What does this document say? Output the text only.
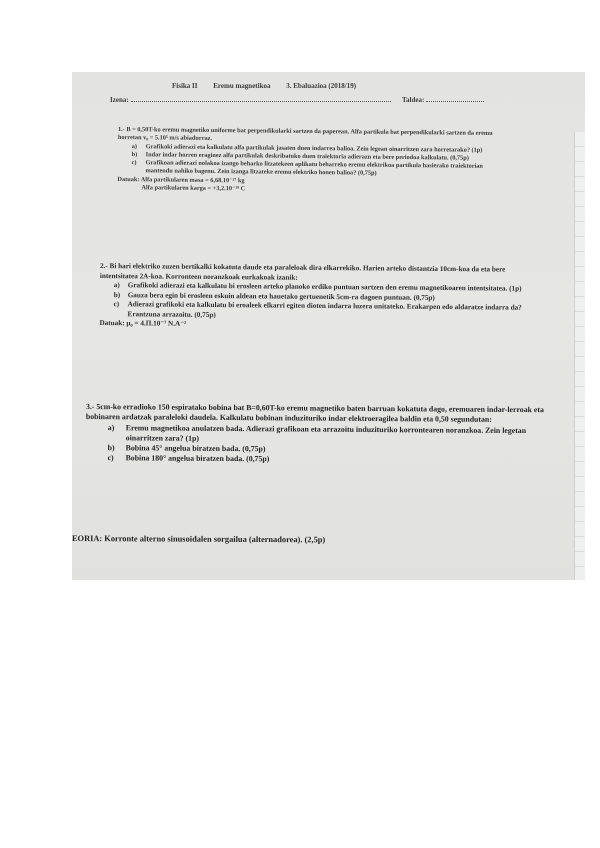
Fisika II Eremu magnetikoa 3. Ebaluazioa (2018/19)
Izena:	Taldea:
1.- B = 0,50T-ko eremu magnetiko uniforme bat perpendikularki sartzen da paperean. Alfa partikula bat perpendikularki sartzen da eremu horretan v₀ = 5.10⁵ m/s abiadurraz.
a)	Grafikoki adierazi eta kalkulatu alfa partikulak jasaten duen indarrea balioa. Zein legean oinarritzen zara horretarako? (1p)
b)	Indar indar horren eraginez alfa partikulak deskribatuko duen traiektoria adierazn eta bere periodoa kalkulatu. (0,75p)
c)	Grafikoan adierazi nolakoa izango beharko litzatekeen aplikatu beharreko eremu elektrikoa partikula hasierako traiektorian mantendu nahiko bagenu. Zein izanga litzateke eremu elektriko honen balioa? (0,75p)
Datuak: Alfa partikularen masa = 6,68.10⁻²⁷ kg
Alfa partikularen karga = +3,2.10⁻¹⁹ C
2.- Bi hari elektriko zuzen bertikalki kokatuta daude eta paraleloak dira elkarrekiko. Harien arteko distantzia 10cm-koa da eta bere intentsitatea 2A-koa. Korronteen noranzkoak eurkakoak izanik:
a)	Grafikoki adierazi eta kalkulatu bi erosleen arteko planoko erdiko puntuan sartzen den eremu magnetikoaren intentsitatea. (1p)
b)	Gauza bera egin bi erosleen eskuin aldean eta hauetako gertuenetik 5cm-ra dagoen puntuan. (0,75p)
c)	Adierazi grafikoki eta kalkulatu bi eroaleek elkarri egiten dioten indarra luzera unitateko. Erakarpen edo aldaratze indarra da? Erantzuna arrazoitu. (0,75p)
Datuak: μ₀ = 4.Π.10⁻⁷ N.A⁻²
3.- 5cm-ko erradioko 150 espiratako bobina bat B=0,60T-ko eremu magnetiko baten barruan kokatuta dago, eremuaren indar-lerroak eta bobinaren ardatzak paraleloki daudela. Kalkulatu bobinan induzituriko indar elektroeragilea baldin eta 0,50 segundutan:
a)	Eremu magnetikoa anulatzen bada. Adierazi grafikoan eta arrazoitu induzituriko korrontearen noranzkoa. Zein legetan oinarritzen zara? (1p)
b)	Bobina 45° angelua biratzen bada. (0,75p)
c)	Bobina 180° angelua biratzen bada. (0,75p)
EORIA: Korronte alterno sinusoidalen sorgailua (alternadorea). (2,5p)
